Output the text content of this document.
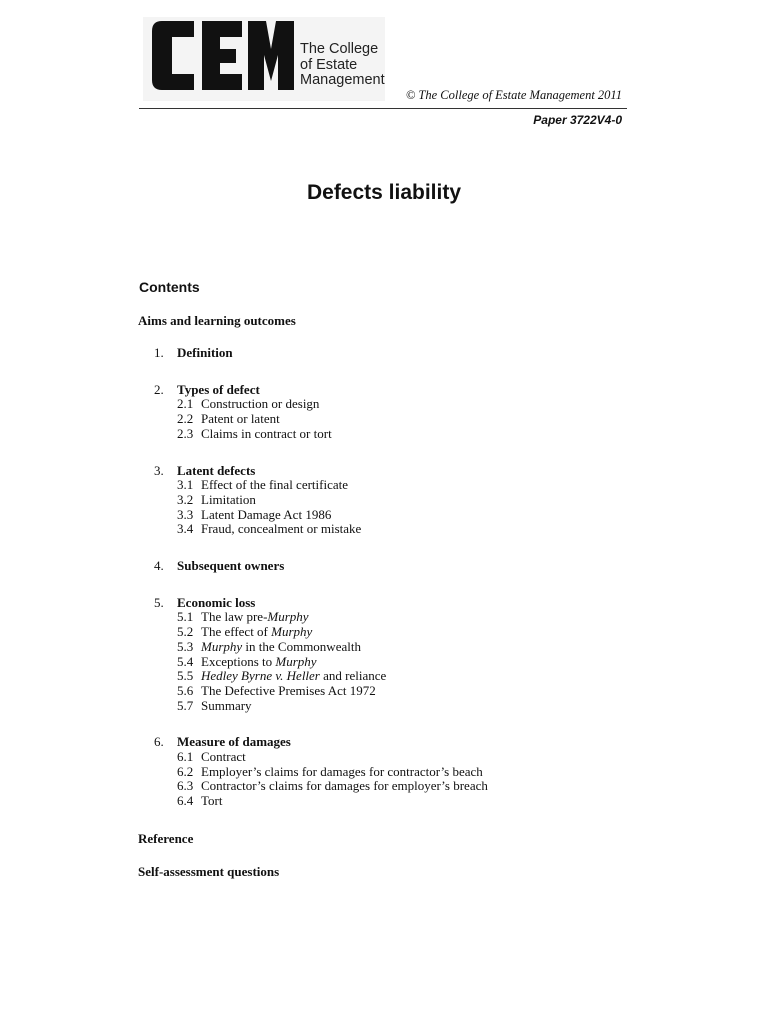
The College
of Estate
Management
© The College of Estate Management 2011
Paper 3722V4-0
Defects liability
Contents
Aims and learning outcomes
1. Definition
2. Types of defect
2.1 Construction or design
2.2 Patent or latent
2.3 Claims in contract or tort
3. Latent defects
3.1 Effect of the final certificate
3.2 Limitation
3.3 Latent Damage Act 1986
3.4 Fraud, concealment or mistake
4. Subsequent owners
5. Economic loss
5.1 The law pre-Murphy
5.2 The effect of Murphy
5.3 Murphy in the Commonwealth
5.4 Exceptions to Murphy
5.5 Hedley Byrne v. Heller and reliance
5.6 The Defective Premises Act 1972
5.7 Summary
6. Measure of damages
6.1 Contract
6.2 Employer’s claims for damages for contractor’s beach
6.3 Contractor’s claims for damages for employer’s breach
6.4 Tort
Reference
Self-assessment questions
